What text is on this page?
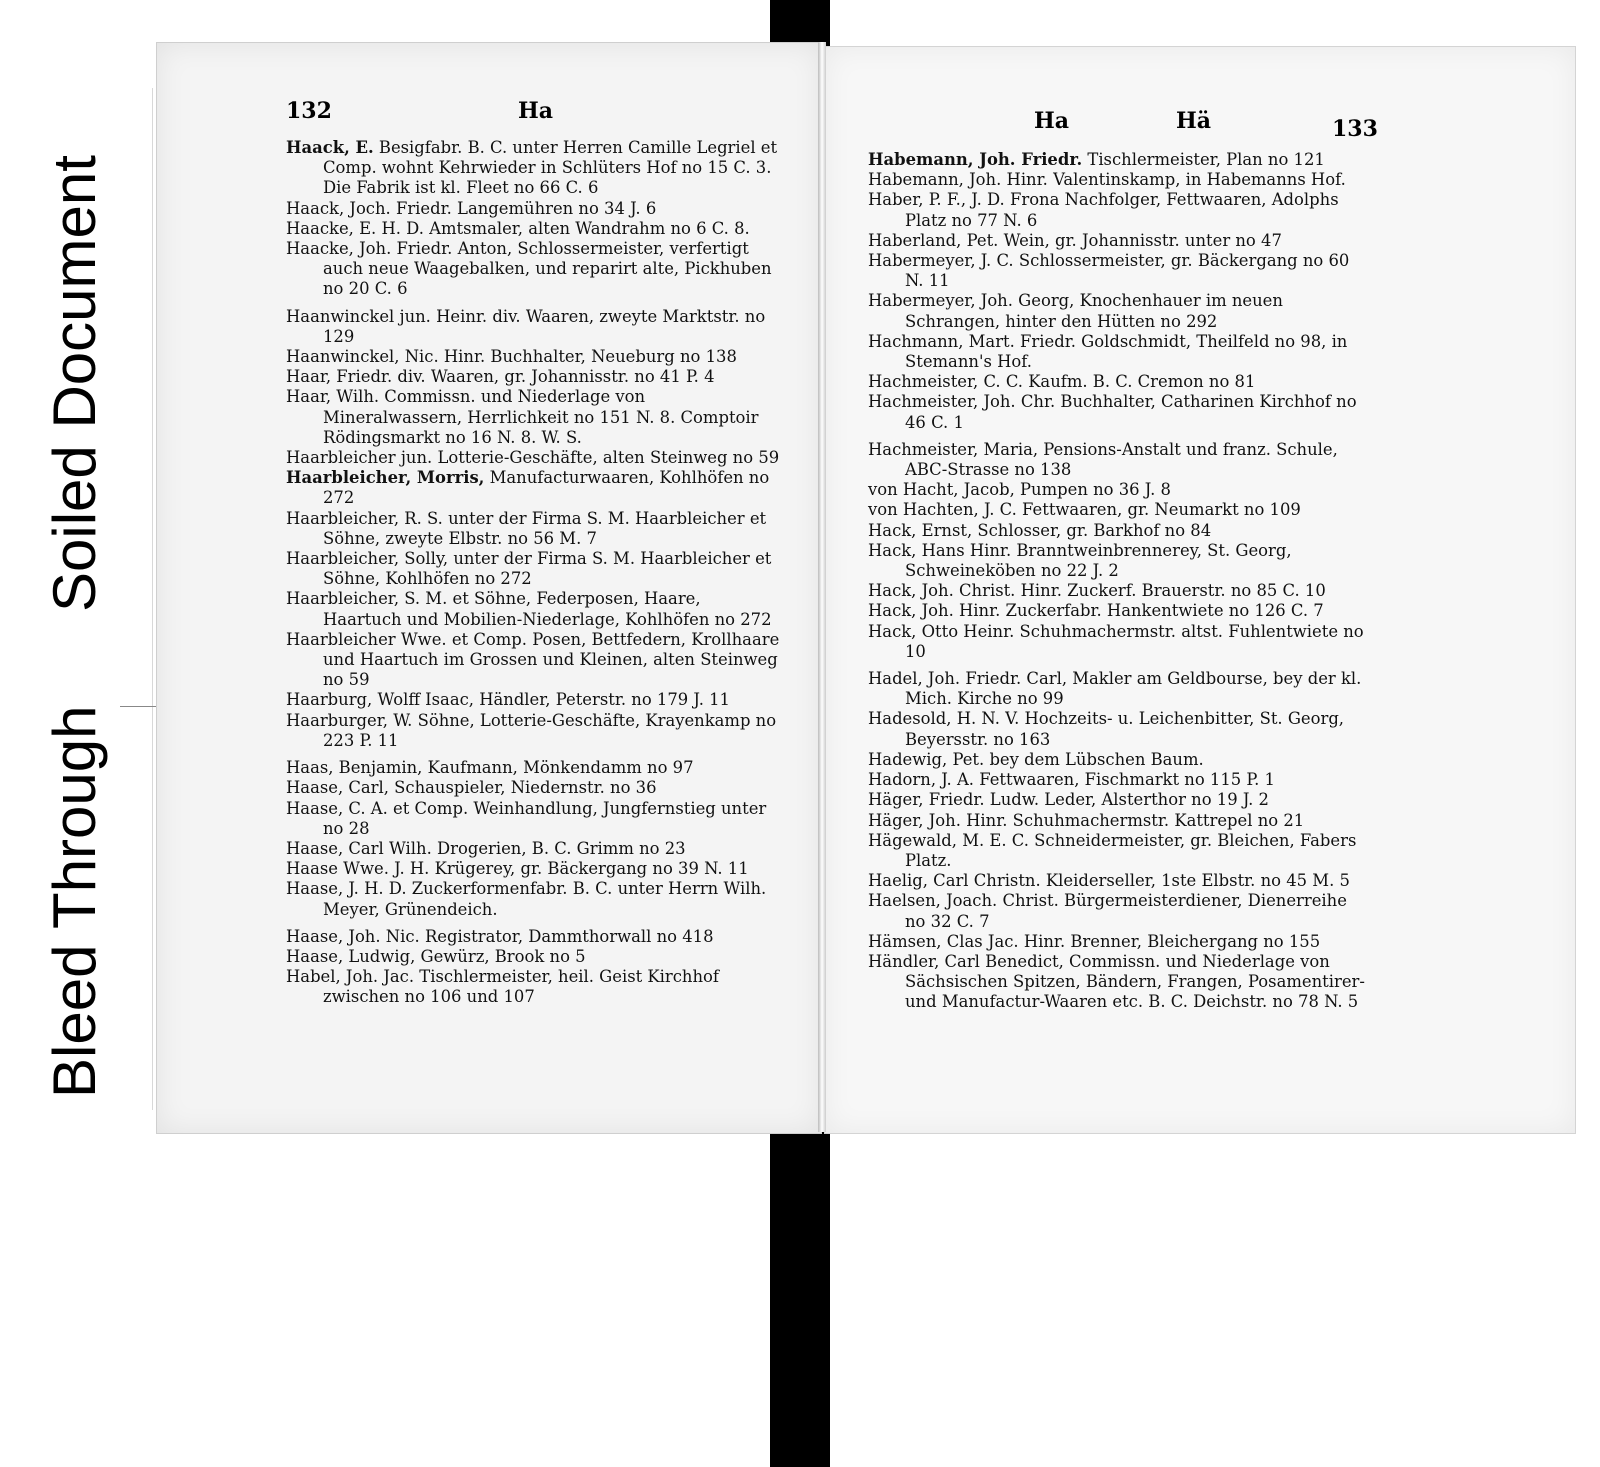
Soiled Document
Bleed Through
132	Ha	Ha	Hä	133

Haack, E. Besigfabr. B. C. unter Herren Camille Legriel et Comp. wohnt Kehrwieder in Schlüters Hof no 15 C. 3. Die Fabrik ist kl. Fleet no 66 C. 6

Haack, Joch. Friedr. Langemühren no 34 J. 6

Haacke, E. H. D. Amtsmaler, alten Wandrahm no 6 C. 8.

Haacke, Joh. Friedr. Anton, Schlossermeister, verfertigt auch neue Waagebalken, und reparirt alte, Pickhuben no 20 C. 6

Haanwinckel jun. Heinr. div. Waaren, zweyte Marktstr. no 129

Haanwinckel, Nic. Hinr. Buchhalter, Neueburg no 138

Haar, Friedr. div. Waaren, gr. Johannisstr. no 41 P. 4

Haar, Wilh. Commissn. und Niederlage von Mineralwassern, Herrlichkeit no 151 N. 8. Comptoir Rödingsmarkt no 16 N. 8. W. S.

Haarbleicher jun. Lotterie-Geschäfte, alten Steinweg no 59

Haarbleicher, Morris, Manufacturwaaren, Kohlhöfen no 272

Haarbleicher, R. S. unter der Firma S. M. Haarbleicher et Söhne, zweyte Elbstr. no 56 M. 7

Haarbleicher, Solly, unter der Firma S. M. Haarbleicher et Söhne, Kohlhöfen no 272

Haarbleicher, S. M. et Söhne, Federposen, Haare, Haartuch und Mobilien-Niederlage, Kohlhöfen no 272

Haarbleicher Wwe. et Comp. Posen, Bettfedern, Krollhaare und Haartuch im Grossen und Kleinen, alten Steinweg no 59

Haarburg, Wolff Isaac, Händler, Peterstr. no 179 J. 11

Haarburger, W. Söhne, Lotterie-Geschäfte, Krayenkamp no 223 P. 11

Haas, Benjamin, Kaufmann, Mönkendamm no 97

Haase, Carl, Schauspieler, Niedernstr. no 36

Haase, C. A. et Comp. Weinhandlung, Jungfernstieg unter no 28

Haase, Carl Wilh. Drogerien, B. C. Grimm no 23

Haase Wwe. J. H. Krügerey, gr. Bäckergang no 39 N. 11

Haase, J. H. D. Zuckerformenfabr. B. C. unter Herrn Wilh. Meyer, Grünendeich.

Haase, Joh. Nic. Registrator, Dammthorwall no 418

Haase, Ludwig, Gewürz, Brook no 5

Habel, Joh. Jac. Tischlermeister, heil. Geist Kirchhof zwischen no 106 und 107

Habemann, Joh. Friedr. Tischlermeister, Plan no 121

Habemann, Joh. Hinr. Valentinskamp, in Habemanns Hof.

Haber, P. F., J. D. Frona Nachfolger, Fettwaaren, Adolphs Platz no 77 N. 6

Haberland, Pet. Wein, gr. Johannisstr. unter no 47

Habermeyer, J. C. Schlossermeister, gr. Bäckergang no 60 N. 11

Habermeyer, Joh. Georg, Knochenhauer im neuen Schrangen, hinter den Hütten no 292

Hachmann, Mart. Friedr. Goldschmidt, Theilfeld no 98, in Stemann's Hof.

Hachmeister, C. C. Kaufm. B. C. Cremon no 81

Hachmeister, Joh. Chr. Buchhalter, Catharinen Kirchhof no 46 C. 1

Hachmeister, Maria, Pensions-Anstalt und franz. Schule, ABC-Strasse no 138

von Hacht, Jacob, Pumpen no 36 J. 8

von Hachten, J. C. Fettwaaren, gr. Neumarkt no 109

Hack, Ernst, Schlosser, gr. Barkhof no 84

Hack, Hans Hinr. Branntweinbrennerey, St. Georg, Schweineköben no 22 J. 2

Hack, Joh. Christ. Hinr. Zuckerf. Brauerstr. no 85 C. 10

Hack, Joh. Hinr. Zuckerfabr. Hankentwiete no 126 C. 7

Hack, Otto Heinr. Schuhmachermstr. altst. Fuhlentwiete no 10

Hadel, Joh. Friedr. Carl, Makler am Geldbourse, bey der kl. Mich. Kirche no 99

Hadesold, H. N. V. Hochzeits- u. Leichenbitter, St. Georg, Beyersstr. no 163

Hadewig, Pet. bey dem Lübschen Baum.

Hadorn, J. A. Fettwaaren, Fischmarkt no 115 P. 1

Häger, Friedr. Ludw. Leder, Alsterthor no 19 J. 2

Häger, Joh. Hinr. Schuhmachermstr. Kattrepel no 21

Hägewald, M. E. C. Schneidermeister, gr. Bleichen, Fabers Platz.

Haelig, Carl Christn. Kleiderseller, 1ste Elbstr. no 45 M. 5

Haelsen, Joach. Christ. Bürgermeisterdiener, Dienerreihe no 32 C. 7

Hämsen, Clas Jac. Hinr. Brenner, Bleichergang no 155

Händler, Carl Benedict, Commissn. und Niederlage von Sächsischen Spitzen, Bändern, Frangen, Posamentirer- und Manufactur-Waaren etc. B. C. Deichstr. no 78 N. 5
